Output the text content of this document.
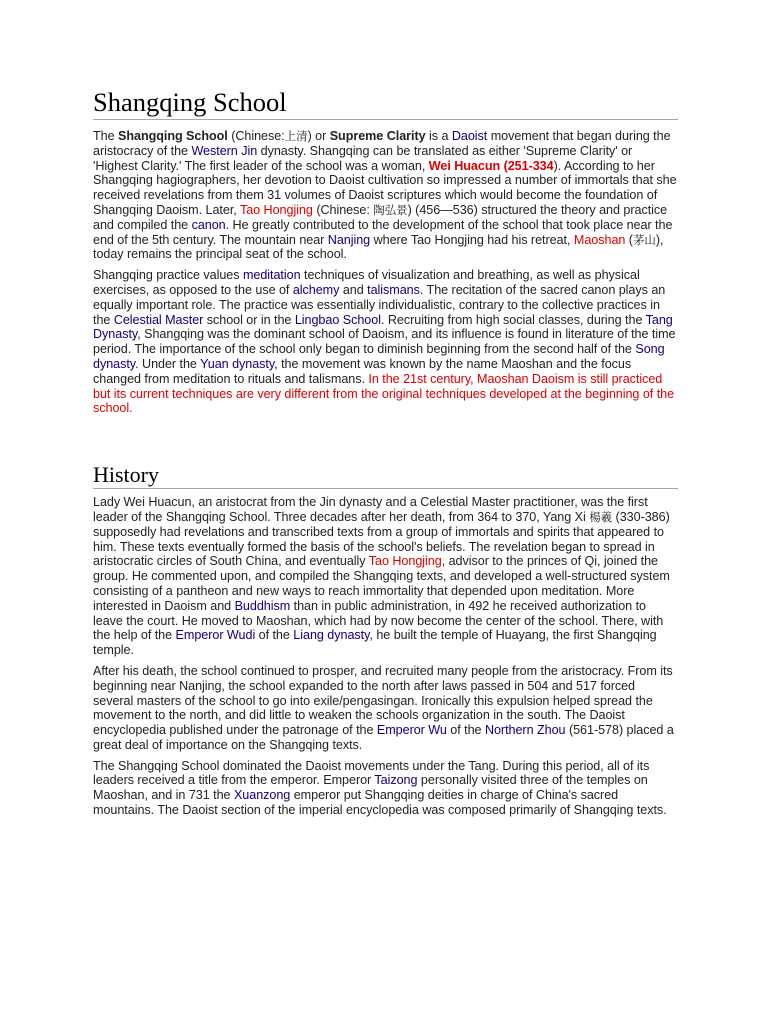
Shangqing School

The Shangqing School (Chinese:上清) or Supreme Clarity is a Daoist movement that began during the aristocracy of the Western Jin dynasty. Shangqing can be translated as either 'Supreme Clarity' or 'Highest Clarity.' The first leader of the school was a woman, Wei Huacun (251-334). According to her Shangqing hagiographers, her devotion to Daoist cultivation so impressed a number of immortals that she received revelations from them 31 volumes of Daoist scriptures which would become the foundation of Shangqing Daoism. Later, Tao Hongjing (Chinese: 陶弘景) (456—536) structured the theory and practice and compiled the canon. He greatly contributed to the development of the school that took place near the end of the 5th century. The mountain near Nanjing where Tao Hongjing had his retreat, Maoshan (茅山), today remains the principal seat of the school.

Shangqing practice values meditation techniques of visualization and breathing, as well as physical exercises, as opposed to the use of alchemy and talismans. The recitation of the sacred canon plays an equally important role. The practice was essentially individualistic, contrary to the collective practices in the Celestial Master school or in the Lingbao School. Recruiting from high social classes, during the Tang Dynasty, Shangqing was the dominant school of Daoism, and its influence is found in literature of the time period. The importance of the school only began to diminish beginning from the second half of the Song dynasty. Under the Yuan dynasty, the movement was known by the name Maoshan and the focus changed from meditation to rituals and talismans. In the 21st century, Maoshan Daoism is still practiced but its current techniques are very different from the original techniques developed at the beginning of the school.

History

Lady Wei Huacun, an aristocrat from the Jin dynasty and a Celestial Master practitioner, was the first leader of the Shangqing School. Three decades after her death, from 364 to 370, Yang Xi 楊羲 (330-386) supposedly had revelations and transcribed texts from a group of immortals and spirits that appeared to him. These texts eventually formed the basis of the school's beliefs. The revelation began to spread in aristocratic circles of South China, and eventually Tao Hongjing, advisor to the princes of Qi, joined the group. He commented upon, and compiled the Shangqing texts, and developed a well-structured system consisting of a pantheon and new ways to reach immortality that depended upon meditation. More interested in Daoism and Buddhism than in public administration, in 492 he received authorization to leave the court. He moved to Maoshan, which had by now become the center of the school. There, with the help of the Emperor Wudi of the Liang dynasty, he built the temple of Huayang, the first Shangqing temple.

After his death, the school continued to prosper, and recruited many people from the aristocracy. From its beginning near Nanjing, the school expanded to the north after laws passed in 504 and 517 forced several masters of the school to go into exile/pengasingan. Ironically this expulsion helped spread the movement to the north, and did little to weaken the schools organization in the south. The Daoist encyclopedia published under the patronage of the Emperor Wu of the Northern Zhou (561-578) placed a great deal of importance on the Shangqing texts.

The Shangqing School dominated the Daoist movements under the Tang. During this period, all of its leaders received a title from the emperor. Emperor Taizong personally visited three of the temples on Maoshan, and in 731 the Xuanzong emperor put Shangqing deities in charge of China's sacred mountains. The Daoist section of the imperial encyclopedia was composed primarily of Shangqing texts.
